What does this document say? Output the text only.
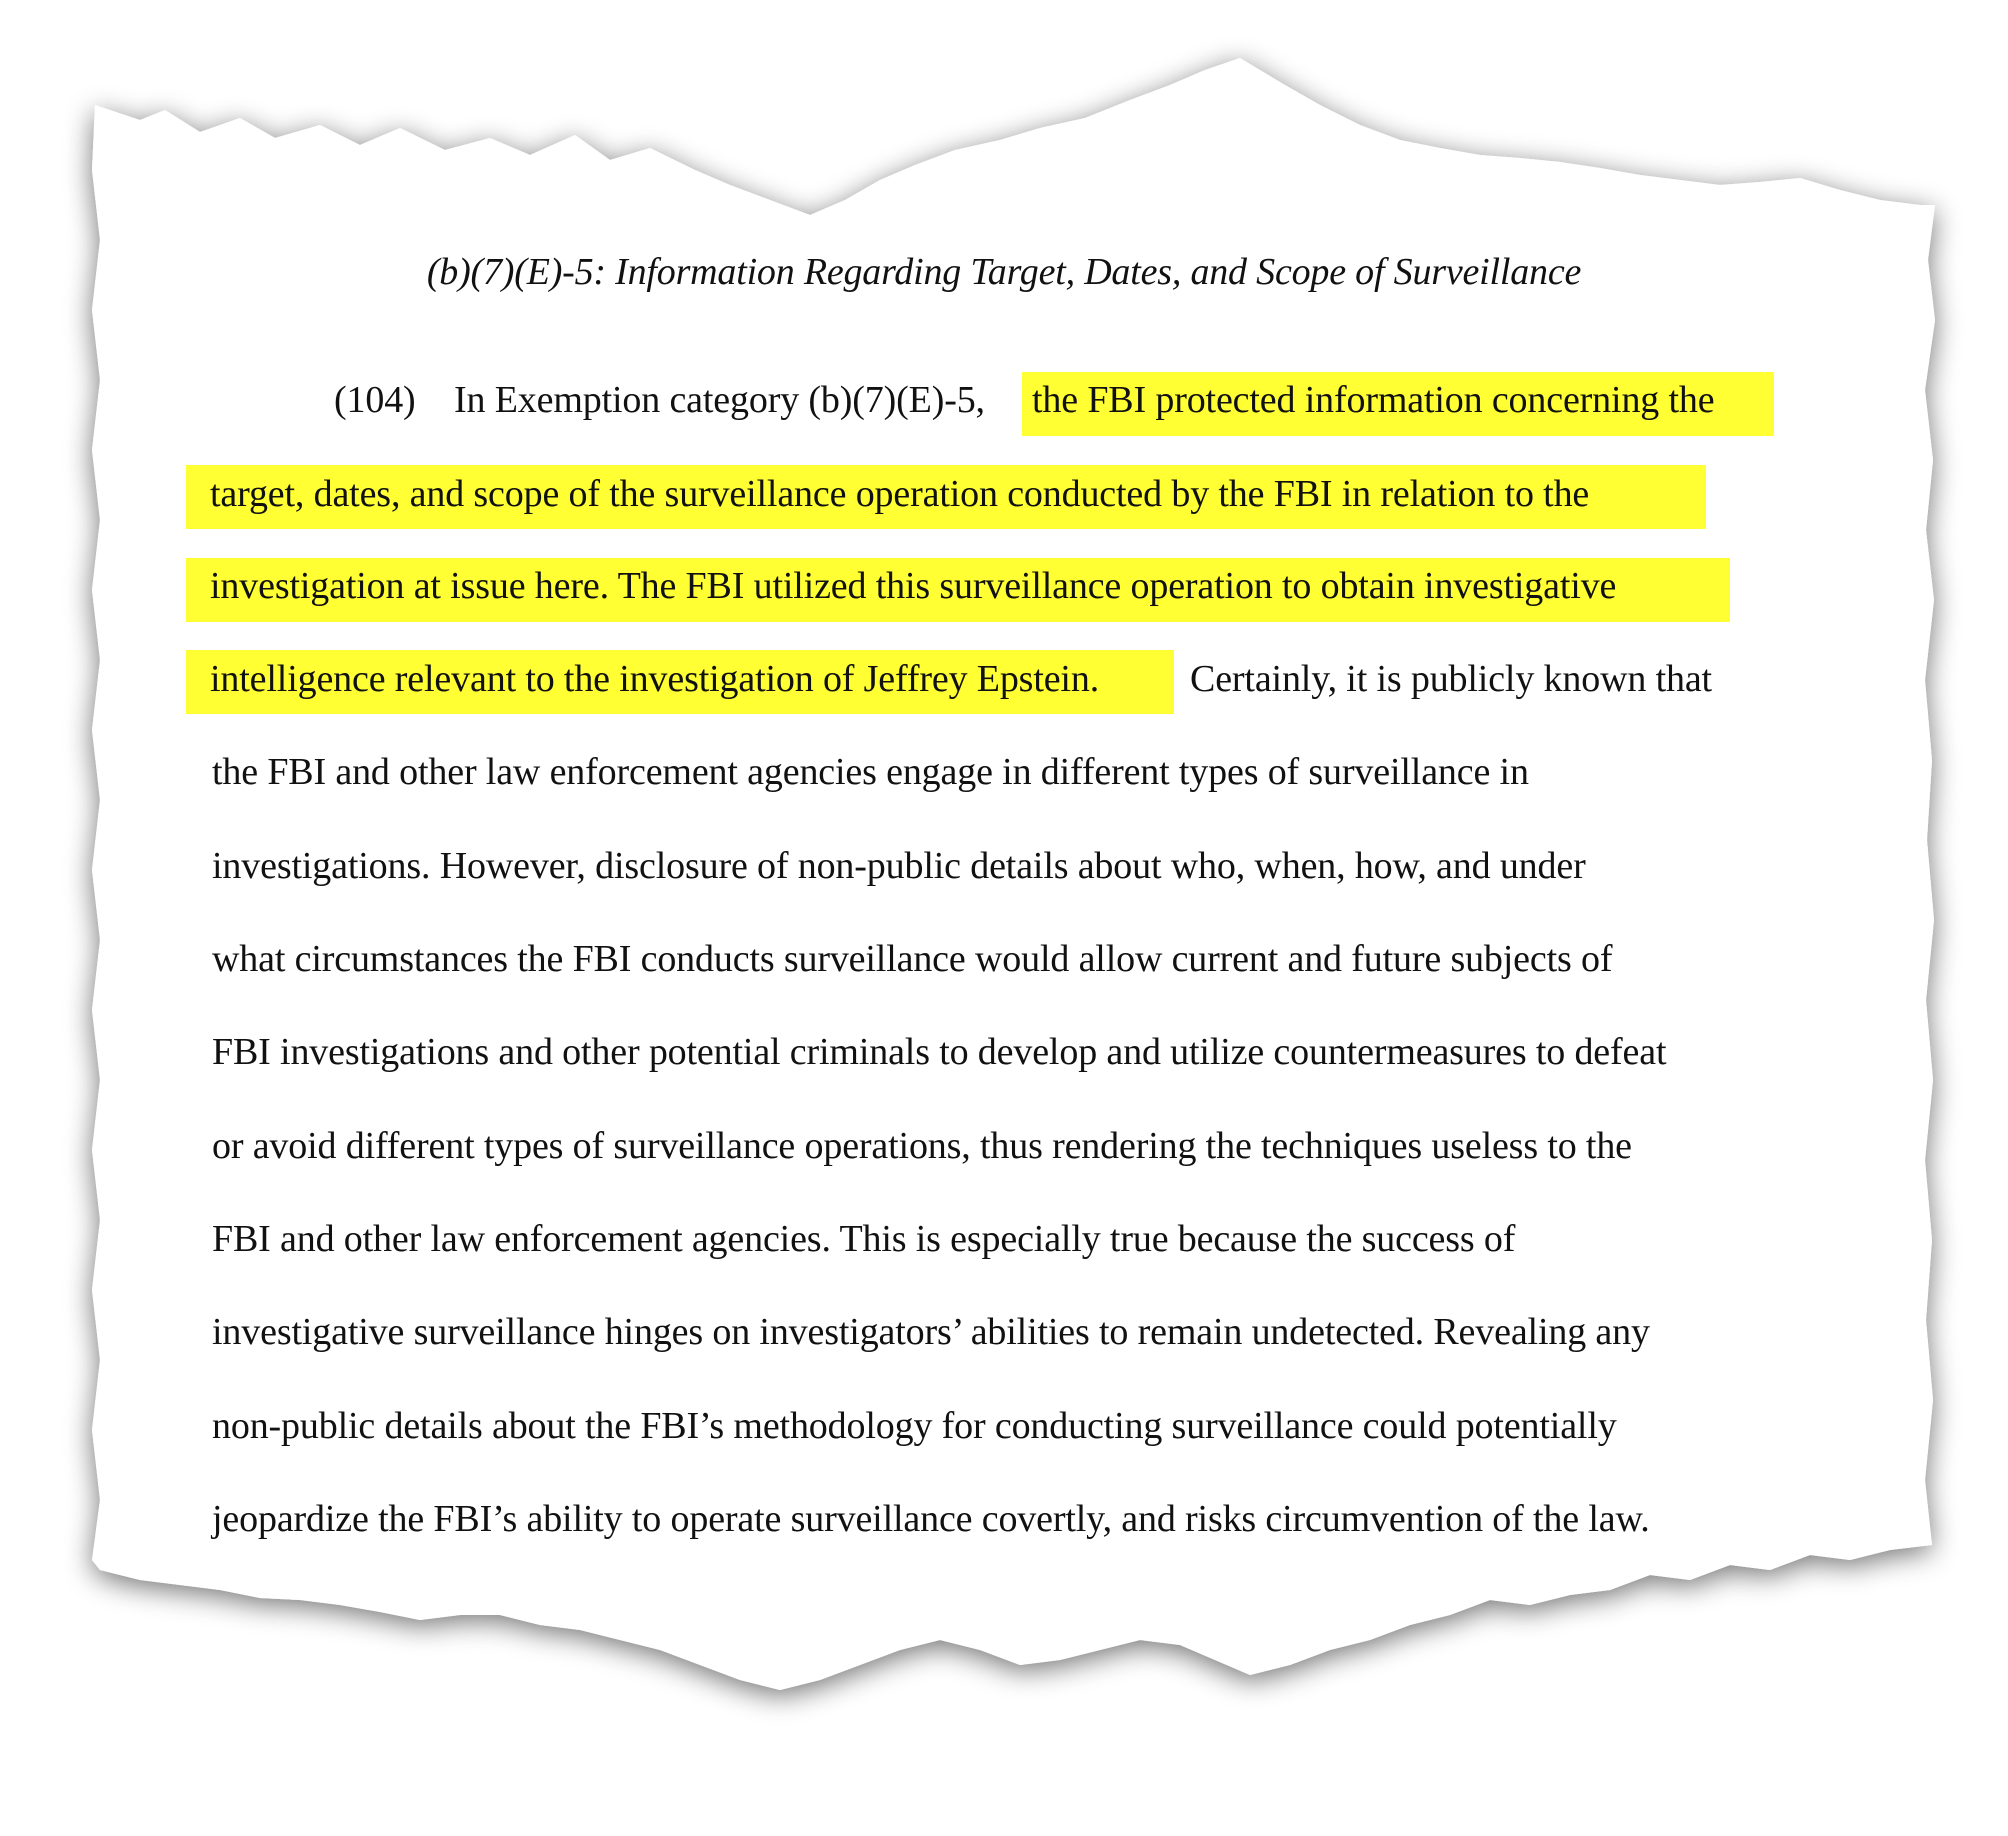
(b)(7)(E)-5: Information Regarding Target, Dates, and Scope of Surveillance
(104) In Exemption category (b)(7)(E)-5, the FBI protected information concerning the
target, dates, and scope of the surveillance operation conducted by the FBI in relation to the
investigation at issue here. The FBI utilized this surveillance operation to obtain investigative
intelligence relevant to the investigation of Jeffrey Epstein. Certainly, it is publicly known that
the FBI and other law enforcement agencies engage in different types of surveillance in
investigations. However, disclosure of non-public details about who, when, how, and under
what circumstances the FBI conducts surveillance would allow current and future subjects of
FBI investigations and other potential criminals to develop and utilize countermeasures to defeat
or avoid different types of surveillance operations, thus rendering the techniques useless to the
FBI and other law enforcement agencies. This is especially true because the success of
investigative surveillance hinges on investigators’ abilities to remain undetected. Revealing any
non-public details about the FBI’s methodology for conducting surveillance could potentially
jeopardize the FBI’s ability to operate surveillance covertly, and risks circumvention of the law.
